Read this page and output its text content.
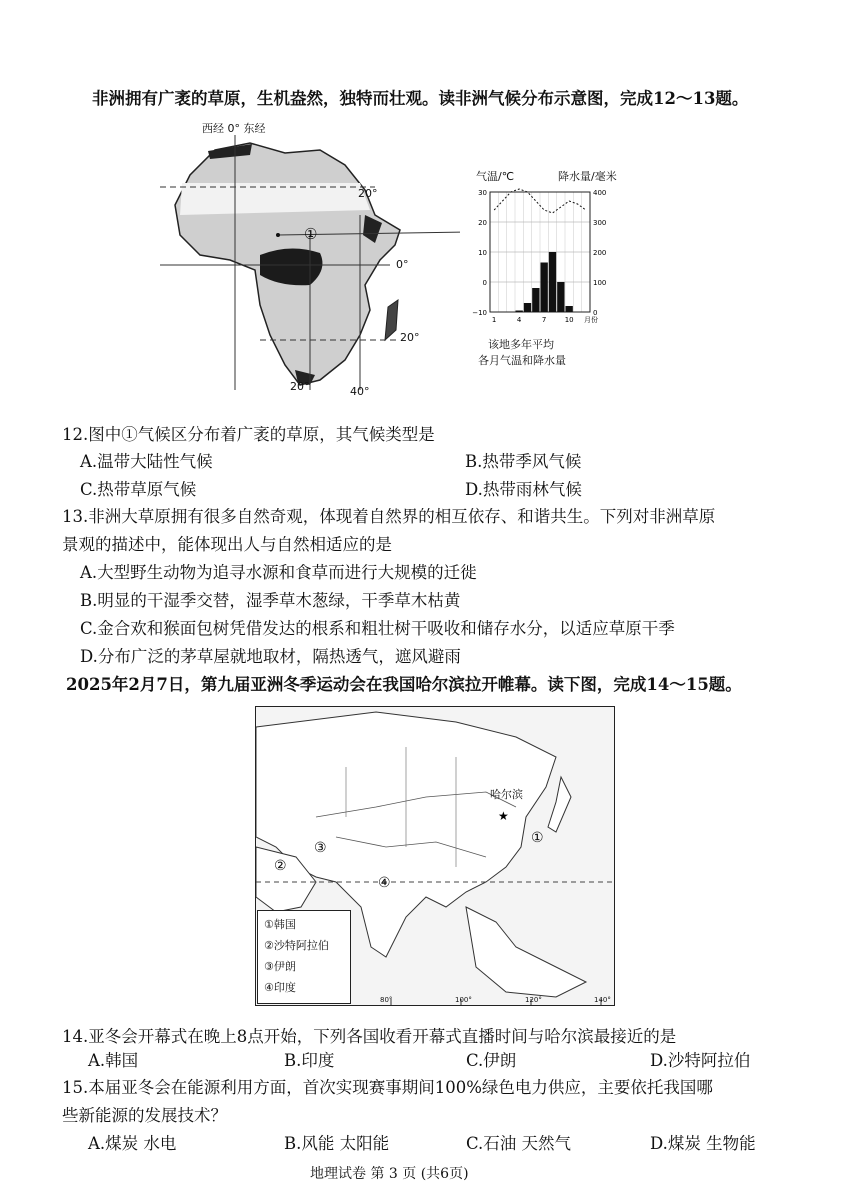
非洲拥有广袤的草原，生机盎然，独特而壮观。读非洲气候分布示意图，完成12～13题。
西经 0° 东经
①
20°
0°
20°
20°	40°
气温/℃	降水量/毫米
30
20
10
0
−10
400
300
200
100
0
1	4	7	10 月份
该地多年平均
各月气温和降水量
12.图中①气候区分布着广袤的草原，其气候类型是
A.温带大陆性气候	B.热带季风气候
C.热带草原气候	D.热带雨林气候
13.非洲大草原拥有很多自然奇观，体现着自然界的相互依存、和谐共生。下列对非洲草原
景观的描述中，能体现出人与自然相适应的是
A.大型野生动物为追寻水源和食草而进行大规模的迁徙
B.明显的干湿季交替，湿季草木葱绿，干季草木枯黄
C.金合欢和猴面包树凭借发达的根系和粗壮树干吸收和储存水分，以适应草原干季
D.分布广泛的茅草屋就地取材，隔热透气，遮风避雨
2025年2月7日，第九届亚洲冬季运动会在我国哈尔滨拉开帷幕。读下图，完成14～15题。
★
哈尔滨
①
②
③
④
①韩国
②沙特阿拉伯
③伊朗
④印度
80°	100°	120°	140°
14.亚冬会开幕式在晚上8点开始，下列各国收看开幕式直播时间与哈尔滨最接近的是
A.韩国	B.印度	C.伊朗	D.沙特阿拉伯
15.本届亚冬会在能源利用方面，首次实现赛事期间100%绿色电力供应，主要依托我国哪
些新能源的发展技术？
A.煤炭 水电	B.风能 太阳能	C.石油 天然气	D.煤炭 生物能
地理试卷 第 3 页 (共6页)
